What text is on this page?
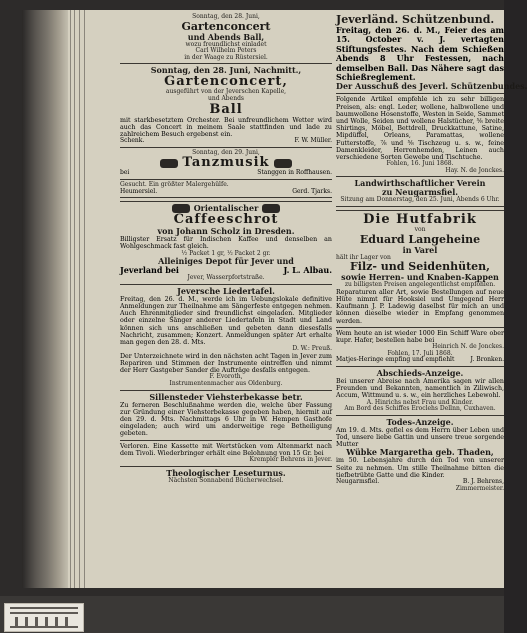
Sonntag, den 28. Juni,
Gartenconcert
und Abends Ball,
wozu freundlichst einladet
Carl Wilhelm Peters
in der Waage zu Rüstersiel.
Sonntag, den 28. Juni, Nachmitt.,
Gartenconcert,
ausgeführt von der Jeverschen Kapelle,
und Abends
Ball
mit starkbesetztem Orchester. Bei unfreundlichem Wetter wird auch das Concert in meinem Saale stattfinden und lade zu zahlreichem Besuch ergebenst ein.
Schenk.	F. W. Müller.
Sonntag, den 29. Juni,
Tanzmusik
bei	Stanggen in Roffhausen.
Gesucht. Ein größter Malergehülfe.
Heumersiel.	Gerd. Tjarks.
Orientalischer
Caffeeschrot
von Johann Scholz in Dresden.
Billigster Ersatz für Indischen Kaffee und denselben an Wohlgeschmack fast gleich.
½ Packet 1 gr, ½ Packet 2 gr.
Alleiniges Depot für Jever und
Jeverland bei	J. L. Albau.
Jever, Wasserpfortstraße.
Jeversche Liedertafel.
Freitag, den 26. d. M., werde ich im Uebungslokale definitive Anmeldungen zur Theilnahme am Sängerfeste entgegen nehmen. Auch Ehrenmitglieder sind freundlichst eingeladen. Mitglieder oder einzelne Sänger anderer Liedertafeln in Stadt und Land können sich uns anschließen und gebeten dann diesesfalls Nachricht, zusammen; Konzert. Anmeldungen später Art erhalte man gegen den 28. d. Mts.
D. W.: Preuß.
Der Unterzeichnete wird in den nächsten acht Tagen in Jever zum Repariren und Stimmen der Instrumente eintreffen und nimmt der Herr Gastgeber Sander die Aufträge desfalls entgegen.
F. Evoroth,
Instrumentenmacher aus Oldenburg.
Sillensteder Viehsterbekasse betr.
Zu ferneren Beschlußnahme werden die, welche über Fassung zur Gründung einer Viehsterbekasse gegeben haben, hiermit auf den 29. d. Mts. Nachmittags 6 Uhr in W. Hempen Gasthofe eingeladen; auch wird um anderweitige rege Betheiligung gebeten.
Verloren. Eine Kassette mit Wertstücken vom Altenmarkt nach dem Tivoli. Wiederbringer erhält eine Belohnung von 15 Gr. bei
Krempler Behrens in Jever.
Theologischer Leseturnus.
Nächsten Sonnabend Bücherwechsel.
Jeverländ. Schützenbund.
Freitag, den 26. d. M., Feier des am 15. October v. J. vertagten Stiftungsfestes. Nach dem Schießen Abends 8 Uhr Festessen, nach demselben Ball. Das Nähere sagt das Schießreglement.
Der Ausschuß des Jeverl. Schützenbundes.
Folgende Artikel empfehle ich zu sehr billigen Preisen, als: engl. Leder, wollene, halbwollene und baumwollene Hosenstoffe, Westen in Seide, Sammet und Wolle, Seiden und wollene Halstücher, ⅝ breite Shirtings, Möbel, Bettdrell, Druckkattune, Satine, Mipdüffel, Orleans, Paramattas, wollene Futterstoffe, ⅞ und ⅝ Tischzeug u. s. w., feine Damenkleider, Herrenhemden, Leinen auch verschiedene Sorten Gewebe und Tischtuche.
Fohlen, 16. Juni 1868.
Hay. N. de Jonckes.
Landwirthschaftlicher Verein
zu Neugarmsfiel.
Sitzung am Donnerstag, den 25. Juni, Abends 6 Uhr.
Die Hutfabrik
von
Eduard Langeheine
in Varel
hält ihr Lager von
Filz- und Seidenhüten,
sowie Herren- und Knaben-Kappen
zu billigsten Preisen angelegentlichst empfohlen.
Reparaturen aller Art, sowie Bestellungen auf neue Hüte nimmt für Hooksiel und Umgegend Herr Kaufmann J. P. Ladewig daselbst für mich an und können dieselbe wieder in Empfang genommen werden.
Wem heute an ist wieder 1000 Ein Schiff Ware ober kupr. Hafer, bestellen habe bei
Heinrich N. de Jonckes.
Fohlen, 17. Juli 1868.
Matjes-Heringe empfing und empfiehlt	J. Bronken.
Abschieds-Anzeige.
Bei unserer Abreise nach Amerika sagen wir allen Freunden und Bekannten, namentlich in Ziliwisch, Accum, Wittmund u. s. w., ein herzliches Lebewohl.
A. Hinrichs nebst Frau und Kinder.
Am Bord des Schiffes Eroclehs Dellnn, Cuxhaven.
Todes-Anzeige.
Am 19. d. Mts. gefiel es dem Herrn über Leben und Tod, unsere liebe Gattin und unsere treue sorgende Mutter
Wübke Margaretha geb. Thaden,
im 50. Lebensjahre durch den Tod von unserer Seite zu nehmen. Um stille Theilnahme bitten die tiefbetrübte Gatte und die Kinder.
Neugarmsfiel.	B. J. Behrens,
Zimmermeister.
